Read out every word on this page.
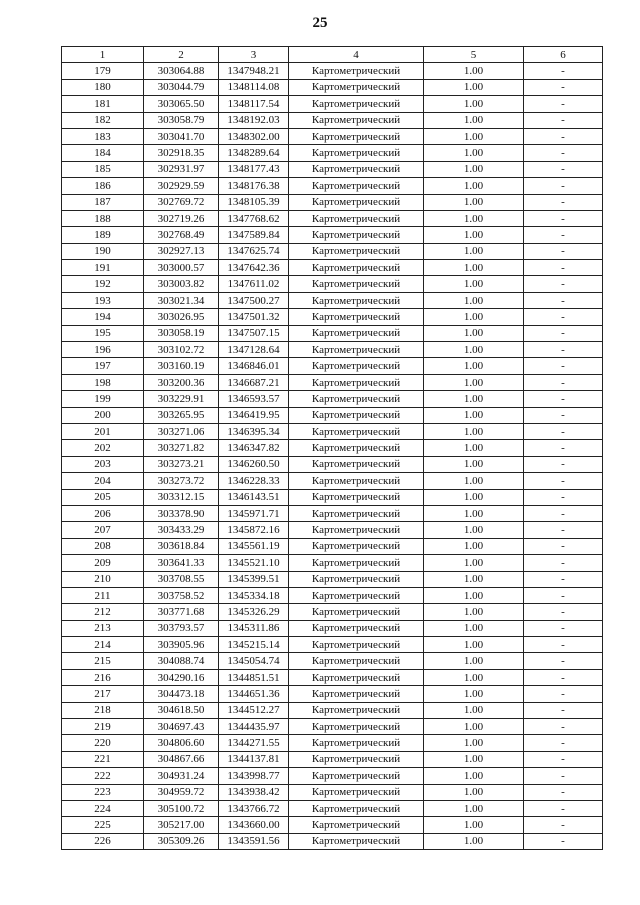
25
1	2	3	4	5	6
179	303064.88	1347948.21	Картометрический	1.00	-
180	303044.79	1348114.08	Картометрический	1.00	-
181	303065.50	1348117.54	Картометрический	1.00	-
182	303058.79	1348192.03	Картометрический	1.00	-
183	303041.70	1348302.00	Картометрический	1.00	-
184	302918.35	1348289.64	Картометрический	1.00	-
185	302931.97	1348177.43	Картометрический	1.00	-
186	302929.59	1348176.38	Картометрический	1.00	-
187	302769.72	1348105.39	Картометрический	1.00	-
188	302719.26	1347768.62	Картометрический	1.00	-
189	302768.49	1347589.84	Картометрический	1.00	-
190	302927.13	1347625.74	Картометрический	1.00	-
191	303000.57	1347642.36	Картометрический	1.00	-
192	303003.82	1347611.02	Картометрический	1.00	-
193	303021.34	1347500.27	Картометрический	1.00	-
194	303026.95	1347501.32	Картометрический	1.00	-
195	303058.19	1347507.15	Картометрический	1.00	-
196	303102.72	1347128.64	Картометрический	1.00	-
197	303160.19	1346846.01	Картометрический	1.00	-
198	303200.36	1346687.21	Картометрический	1.00	-
199	303229.91	1346593.57	Картометрический	1.00	-
200	303265.95	1346419.95	Картометрический	1.00	-
201	303271.06	1346395.34	Картометрический	1.00	-
202	303271.82	1346347.82	Картометрический	1.00	-
203	303273.21	1346260.50	Картометрический	1.00	-
204	303273.72	1346228.33	Картометрический	1.00	-
205	303312.15	1346143.51	Картометрический	1.00	-
206	303378.90	1345971.71	Картометрический	1.00	-
207	303433.29	1345872.16	Картометрический	1.00	-
208	303618.84	1345561.19	Картометрический	1.00	-
209	303641.33	1345521.10	Картометрический	1.00	-
210	303708.55	1345399.51	Картометрический	1.00	-
211	303758.52	1345334.18	Картометрический	1.00	-
212	303771.68	1345326.29	Картометрический	1.00	-
213	303793.57	1345311.86	Картометрический	1.00	-
214	303905.96	1345215.14	Картометрический	1.00	-
215	304088.74	1345054.74	Картометрический	1.00	-
216	304290.16	1344851.51	Картометрический	1.00	-
217	304473.18	1344651.36	Картометрический	1.00	-
218	304618.50	1344512.27	Картометрический	1.00	-
219	304697.43	1344435.97	Картометрический	1.00	-
220	304806.60	1344271.55	Картометрический	1.00	-
221	304867.66	1344137.81	Картометрический	1.00	-
222	304931.24	1343998.77	Картометрический	1.00	-
223	304959.72	1343938.42	Картометрический	1.00	-
224	305100.72	1343766.72	Картометрический	1.00	-
225	305217.00	1343660.00	Картометрический	1.00	-
226	305309.26	1343591.56	Картометрический	1.00	-
